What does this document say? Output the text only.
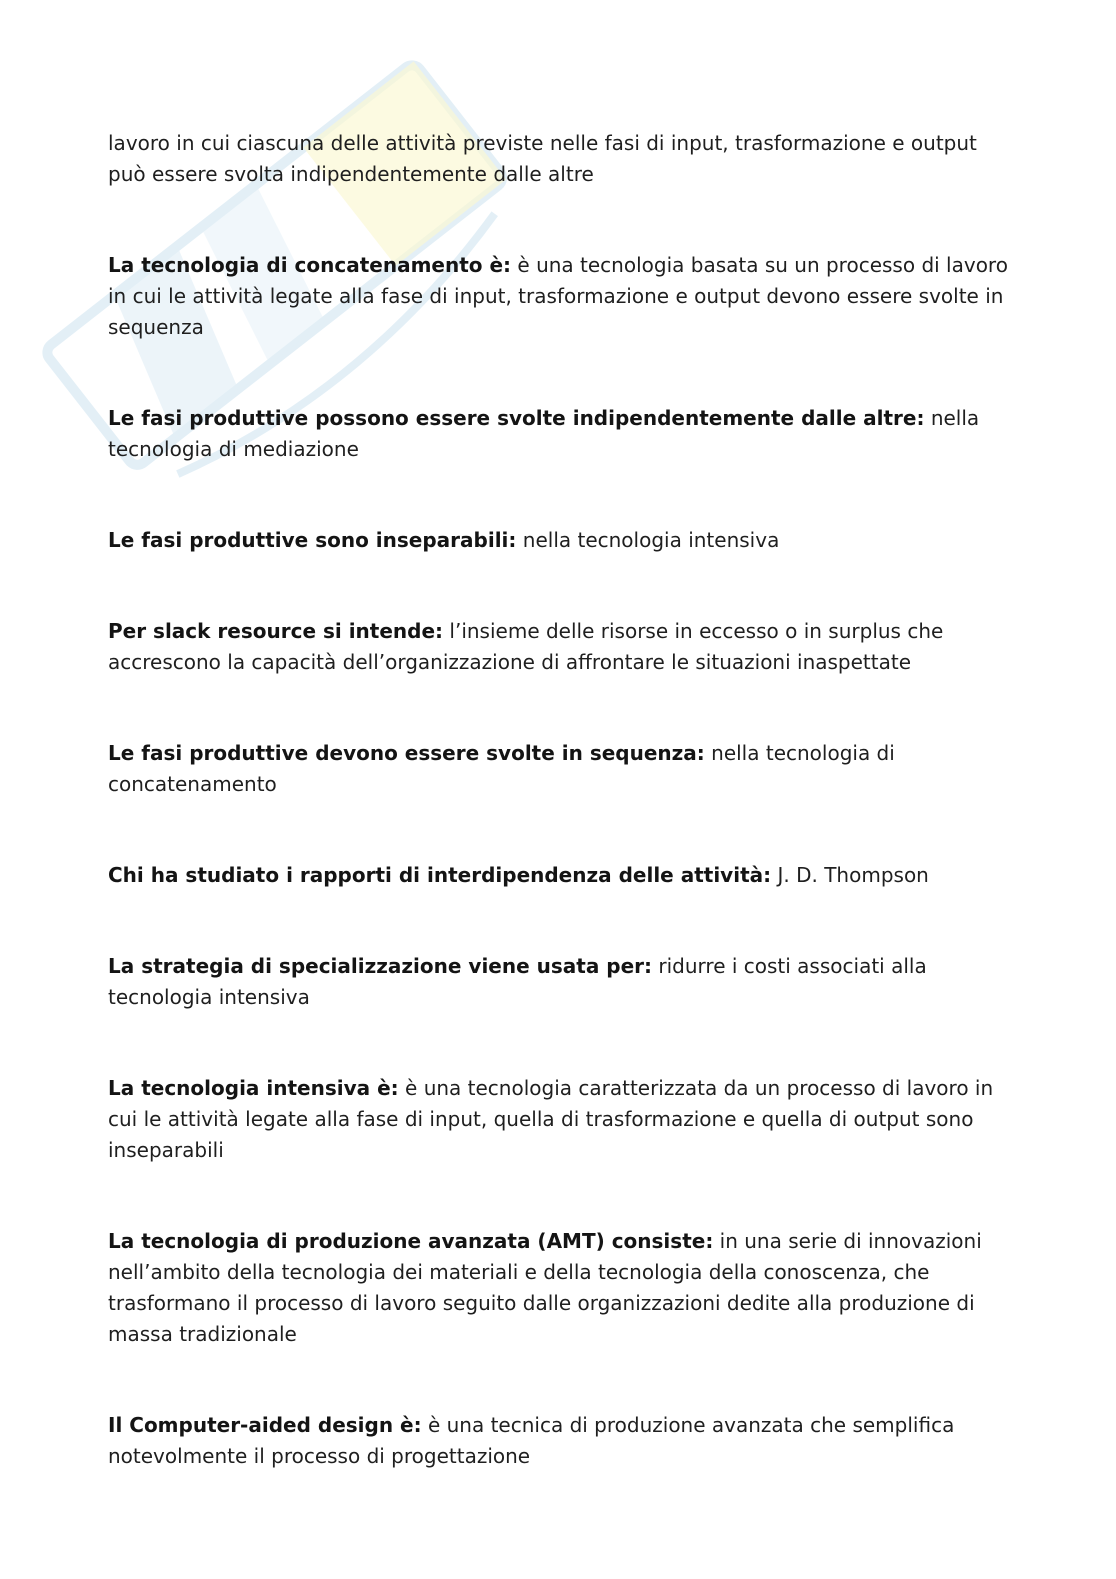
lavoro in cui ciascuna delle attività previste nelle fasi di input, trasformazione e output può essere svolta indipendentemente dalle altre

La tecnologia di concatenamento è: è una tecnologia basata su un processo di lavoro in cui le attività legate alla fase di input, trasformazione e output devono essere svolte in sequenza

Le fasi produttive possono essere svolte indipendentemente dalle altre: nella tecnologia di mediazione

Le fasi produttive sono inseparabili: nella tecnologia intensiva

Per slack resource si intende: l’insieme delle risorse in eccesso o in surplus che accrescono la capacità dell’organizzazione di affrontare le situazioni inaspettate

Le fasi produttive devono essere svolte in sequenza: nella tecnologia di concatenamento

Chi ha studiato i rapporti di interdipendenza delle attività: J. D. Thompson

La strategia di specializzazione viene usata per: ridurre i costi associati alla tecnologia intensiva

La tecnologia intensiva è: è una tecnologia caratterizzata da un processo di lavoro in cui le attività legate alla fase di input, quella di trasformazione e quella di output sono inseparabili

La tecnologia di produzione avanzata (AMT) consiste: in una serie di innovazioni nell’ambito della tecnologia dei materiali e della tecnologia della conoscenza, che trasformano il processo di lavoro seguito dalle organizzazioni dedite alla produzione di massa tradizionale

Il Computer-aided design è: è una tecnica di produzione avanzata che semplifica notevolmente il processo di progettazione
